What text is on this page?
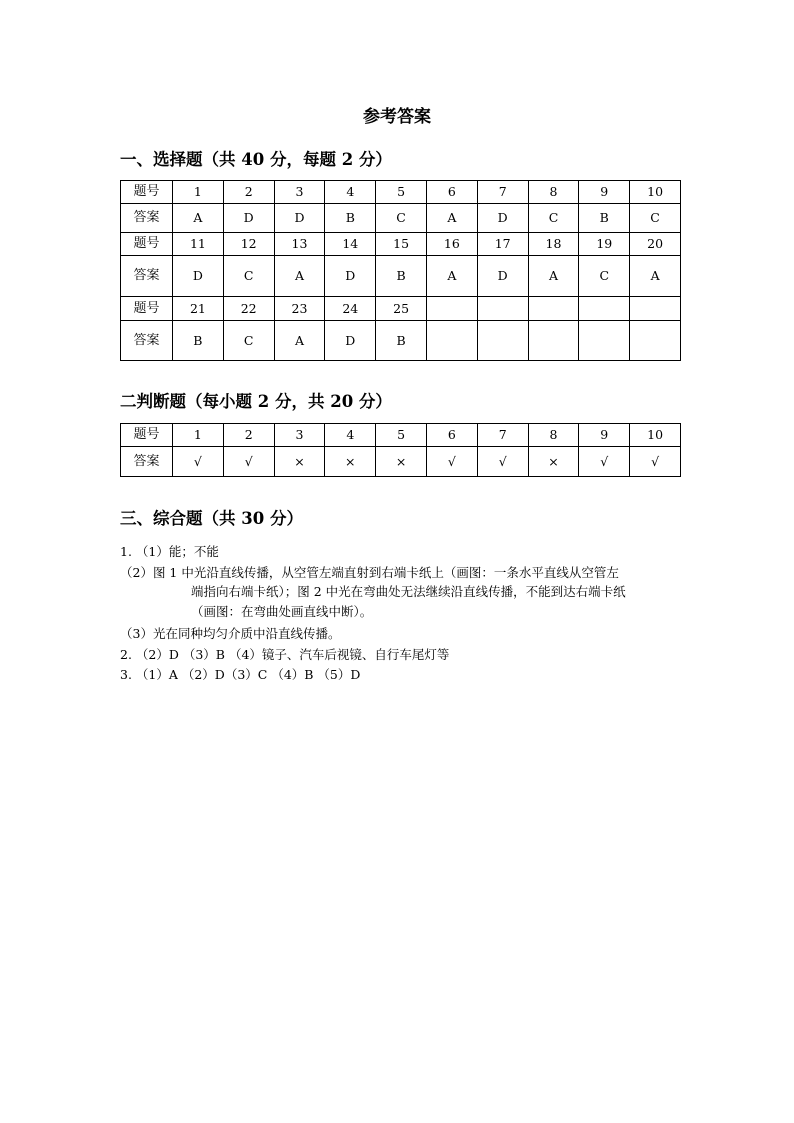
参考答案
一、选择题（共 40 分，每题 2 分）
题号	1	2	3	4	5	6	7	8	9	10
答案	A	D	D	B	C	A	D	C	B	C
题号	11	12	13	14	15	16	17	18	19	20
答案	D	C	A	D	B	A	D	A	C	A
题号	21	22	23	24	25					
答案	B	C	A	D	B					
二判断题（每小题 2 分，共 20 分）
题号	1	2	3	4	5	6	7	8	9	10
答案	√	√	×	×	×	√	√	×	√	√
三、综合题（共 30 分）
1. （1）能；不能
（2）图 1 中光沿直线传播，从空管左端直射到右端卡纸上（画图：一条水平直线从空管左
端指向右端卡纸）；图 2 中光在弯曲处无法继续沿直线传播，不能到达右端卡纸
（画图：在弯曲处画直线中断）。
（3）光在同种均匀介质中沿直线传播。
2. （2）D （3）B （4）镜子、汽车后视镜、自行车尾灯等
3. （1）A （2）D（3）C （4）B （5）D
